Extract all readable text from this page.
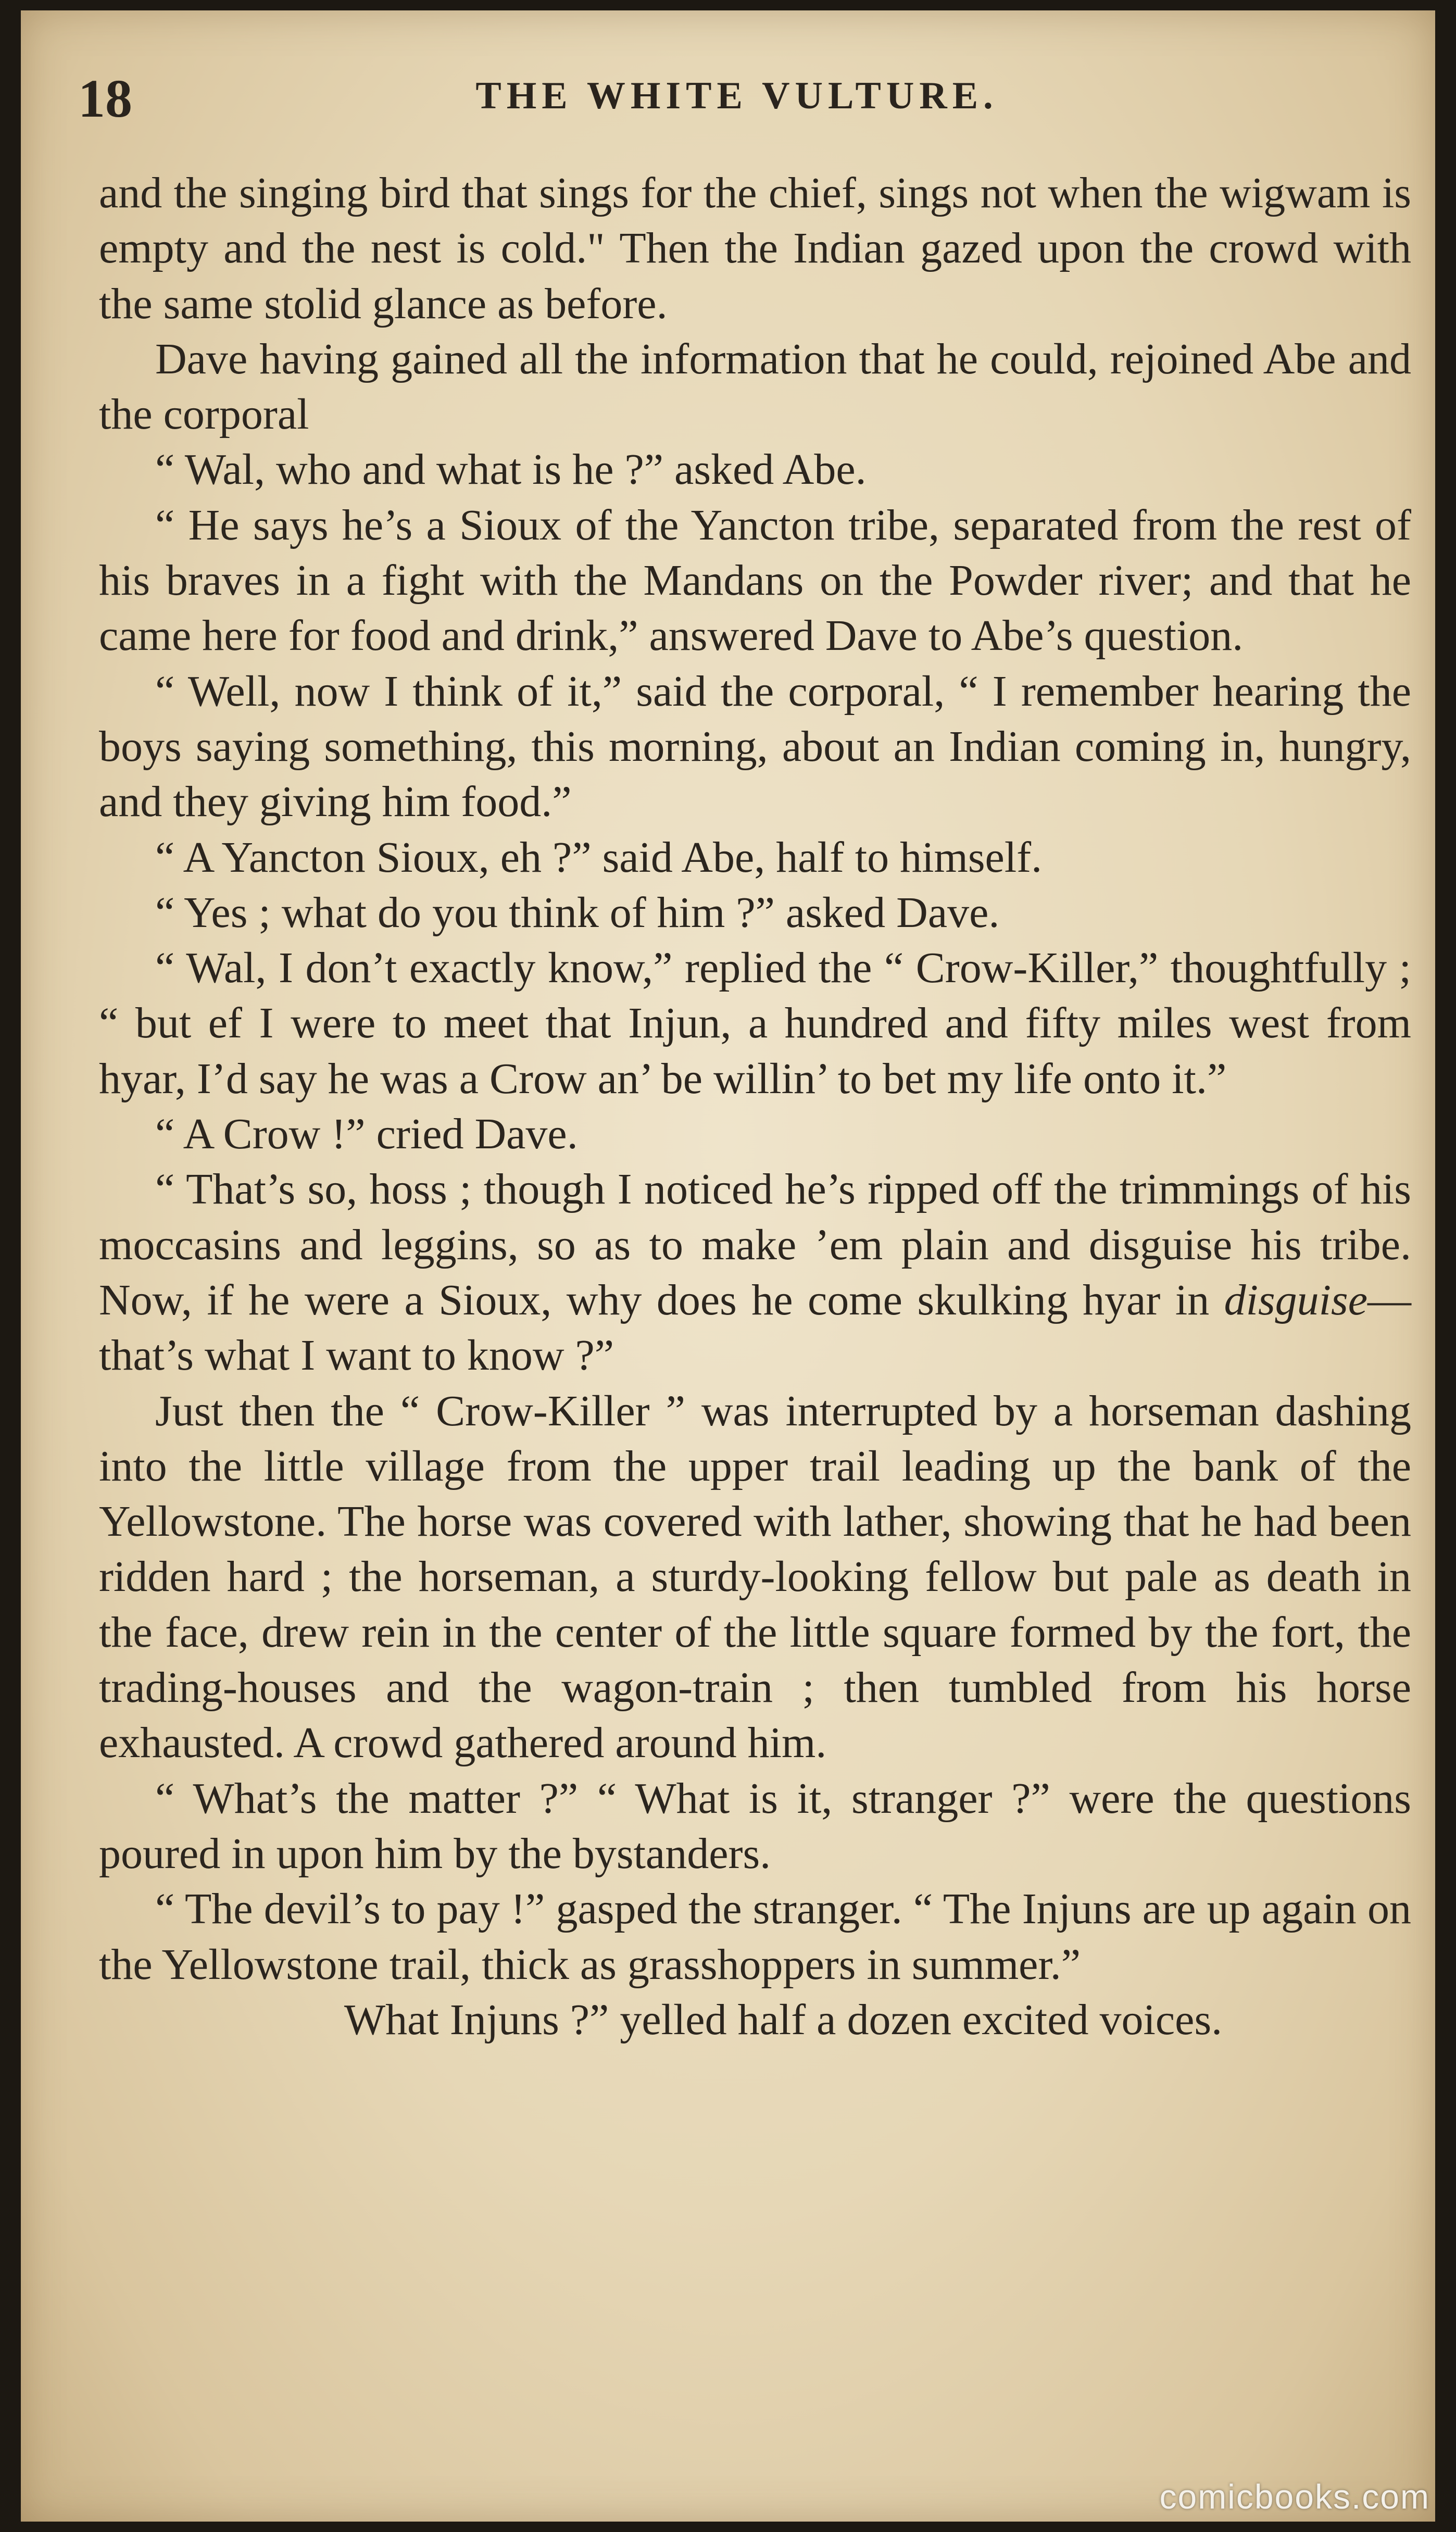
18	THE WHITE VULTURE.

and the singing bird that sings for the chief, sings not when the wigwam is empty and the nest is cold." Then the Indian gazed upon the crowd with the same stolid glance as before.

Dave having gained all the information that he could, rejoined Abe and the corporal

“ Wal, who and what is he ?” asked Abe.

“ He says he’s a Sioux of the Yancton tribe, separated from the rest of his braves in a fight with the Mandans on the Powder river; and that he came here for food and drink,” answered Dave to Abe’s question.

“ Well, now I think of it,” said the corporal, “ I remember hearing the boys saying something, this morning, about an Indian coming in, hungry, and they giving him food.”

“ A Yancton Sioux, eh ?” said Abe, half to himself.

“ Yes ; what do you think of him ?” asked Dave.

“ Wal, I don’t exactly know,” replied the “ Crow-Killer,” thoughtfully ; “ but ef I were to meet that Injun, a hundred and fifty miles west from hyar, I’d say he was a Crow an’ be willin’ to bet my life onto it.”

“ A Crow !” cried Dave.

“ That’s so, hoss ; though I noticed he’s ripped off the trimmings of his moccasins and leggins, so as to make ’em plain and disguise his tribe. Now, if he were a Sioux, why does he come skulking hyar in disguise—that’s what I want to know ?”

Just then the “ Crow-Killer ” was interrupted by a horseman dashing into the little village from the upper trail leading up the bank of the Yellowstone. The horse was covered with lather, showing that he had been ridden hard ; the horseman, a sturdy-looking fellow but pale as death in the face, drew rein in the center of the little square formed by the fort, the trading-houses and the wagon-train ; then tumbled from his horse exhausted. A crowd gathered around him.

“ What’s the matter ?” “ What is it, stranger ?” were the questions poured in upon him by the bystanders.

“ The devil’s to pay !” gasped the stranger. “ The Injuns are up again on the Yellowstone trail, thick as grasshoppers in summer.”

What Injuns ?” yelled half a dozen excited voices.

comicbooks.com
